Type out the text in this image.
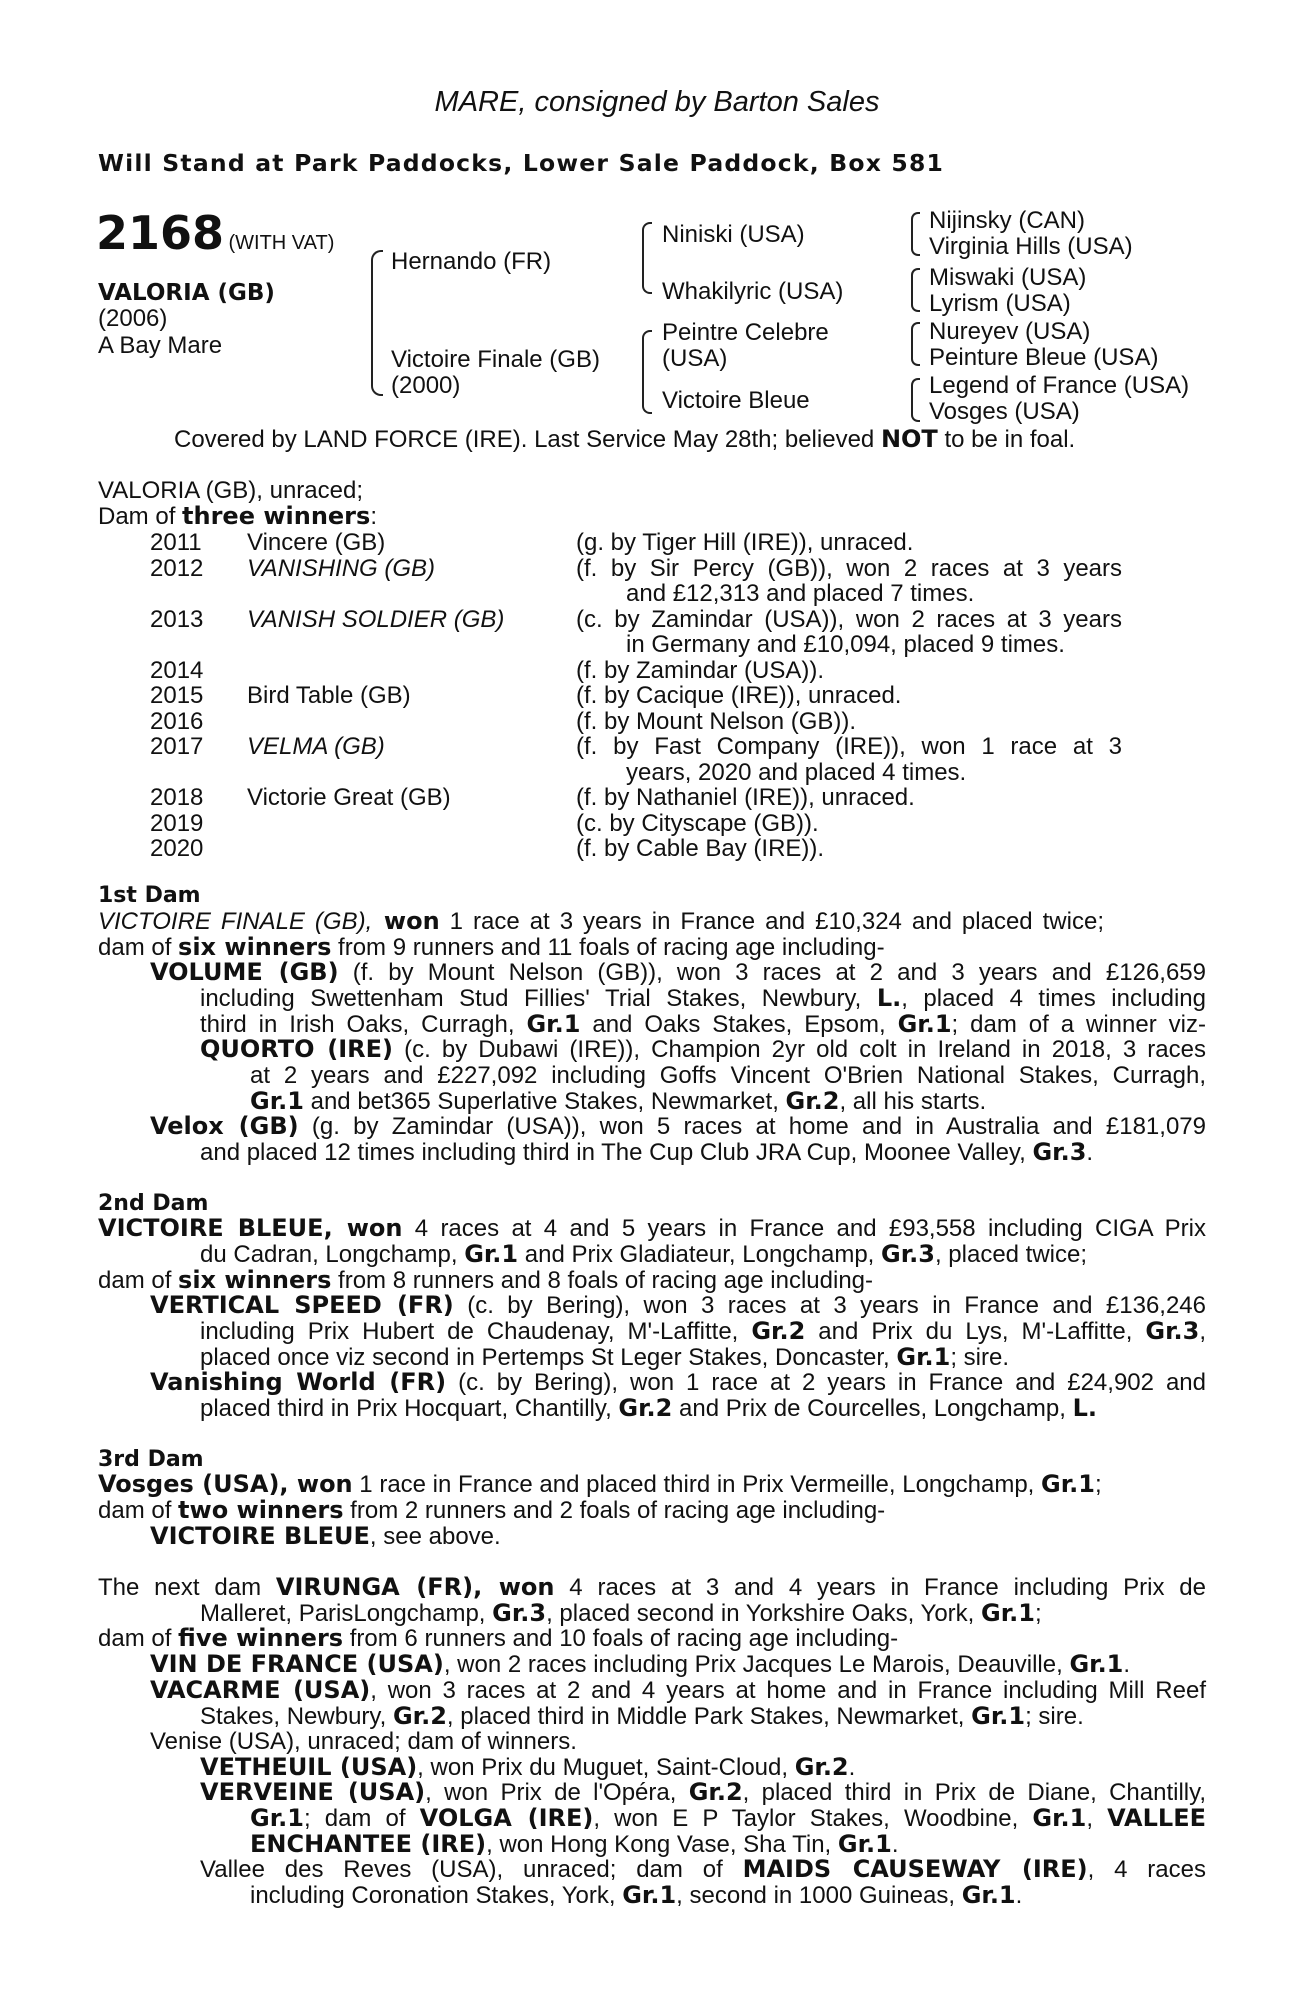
MARE, consigned by Barton Sales
Will Stand at Park Paddocks, Lower Sale Paddock, Box 581
2168 (WITH VAT)
VALORIA (GB)
(2006)
A Bay Mare
Hernando (FR)
Victoire Finale (GB)
(2000)
Niniski (USA)
Whakilyric (USA)
Peintre Celebre
(USA)
Victoire Bleue
Nijinsky (CAN)
Virginia Hills (USA)
Miswaki (USA)
Lyrism (USA)
Nureyev (USA)
Peinture Bleue (USA)
Legend of France (USA)
Vosges (USA)
Covered by LAND FORCE (IRE). Last Service May 28th; believed NOT to be in foal.
VALORIA (GB), unraced;
Dam of three winners:
2011 Vincere (GB)	(g. by Tiger Hill (IRE)), unraced.
2012 VANISHING (GB)	(f. by Sir Percy (GB)), won 2 races at 3 years
and £12,313 and placed 7 times.
2013 VANISH SOLDIER (GB)	(c. by Zamindar (USA)), won 2 races at 3 years
in Germany and £10,094, placed 9 times.
2014	(f. by Zamindar (USA)).
2015 Bird Table (GB)	(f. by Cacique (IRE)), unraced.
2016	(f. by Mount Nelson (GB)).
2017 VELMA (GB)	(f. by Fast Company (IRE)), won 1 race at 3
years, 2020 and placed 4 times.
2018 Victorie Great (GB)	(f. by Nathaniel (IRE)), unraced.
2019	(c. by Cityscape (GB)).
2020	(f. by Cable Bay (IRE)).
1st Dam
VICTOIRE FINALE (GB), won 1 race at 3 years in France and £10,324 and placed twice;
dam of six winners from 9 runners and 11 foals of racing age including-
VOLUME (GB) (f. by Mount Nelson (GB)), won 3 races at 2 and 3 years and £126,659
including Swettenham Stud Fillies' Trial Stakes, Newbury, L., placed 4 times including
third in Irish Oaks, Curragh, Gr.1 and Oaks Stakes, Epsom, Gr.1; dam of a winner viz-
QUORTO (IRE) (c. by Dubawi (IRE)), Champion 2yr old colt in Ireland in 2018, 3 races
at 2 years and £227,092 including Goffs Vincent O'Brien National Stakes, Curragh,
Gr.1 and bet365 Superlative Stakes, Newmarket, Gr.2, all his starts.
Velox (GB) (g. by Zamindar (USA)), won 5 races at home and in Australia and £181,079
and placed 12 times including third in The Cup Club JRA Cup, Moonee Valley, Gr.3.
2nd Dam
VICTOIRE BLEUE, won 4 races at 4 and 5 years in France and £93,558 including CIGA Prix
du Cadran, Longchamp, Gr.1 and Prix Gladiateur, Longchamp, Gr.3, placed twice;
dam of six winners from 8 runners and 8 foals of racing age including-
VERTICAL SPEED (FR) (c. by Bering), won 3 races at 3 years in France and £136,246
including Prix Hubert de Chaudenay, M'-Laffitte, Gr.2 and Prix du Lys, M'-Laffitte, Gr.3,
placed once viz second in Pertemps St Leger Stakes, Doncaster, Gr.1; sire.
Vanishing World (FR) (c. by Bering), won 1 race at 2 years in France and £24,902 and
placed third in Prix Hocquart, Chantilly, Gr.2 and Prix de Courcelles, Longchamp, L.
3rd Dam
Vosges (USA), won 1 race in France and placed third in Prix Vermeille, Longchamp, Gr.1;
dam of two winners from 2 runners and 2 foals of racing age including-
VICTOIRE BLEUE, see above.
The next dam VIRUNGA (FR), won 4 races at 3 and 4 years in France including Prix de
Malleret, ParisLongchamp, Gr.3, placed second in Yorkshire Oaks, York, Gr.1;
dam of five winners from 6 runners and 10 foals of racing age including-
VIN DE FRANCE (USA), won 2 races including Prix Jacques Le Marois, Deauville, Gr.1.
VACARME (USA), won 3 races at 2 and 4 years at home and in France including Mill Reef
Stakes, Newbury, Gr.2, placed third in Middle Park Stakes, Newmarket, Gr.1; sire.
Venise (USA), unraced; dam of winners.
VETHEUIL (USA), won Prix du Muguet, Saint-Cloud, Gr.2.
VERVEINE (USA), won Prix de l'Opéra, Gr.2, placed third in Prix de Diane, Chantilly,
Gr.1; dam of VOLGA (IRE), won E P Taylor Stakes, Woodbine, Gr.1, VALLEE
ENCHANTEE (IRE), won Hong Kong Vase, Sha Tin, Gr.1.
Vallee des Reves (USA), unraced; dam of MAIDS CAUSEWAY (IRE), 4 races
including Coronation Stakes, York, Gr.1, second in 1000 Guineas, Gr.1.
